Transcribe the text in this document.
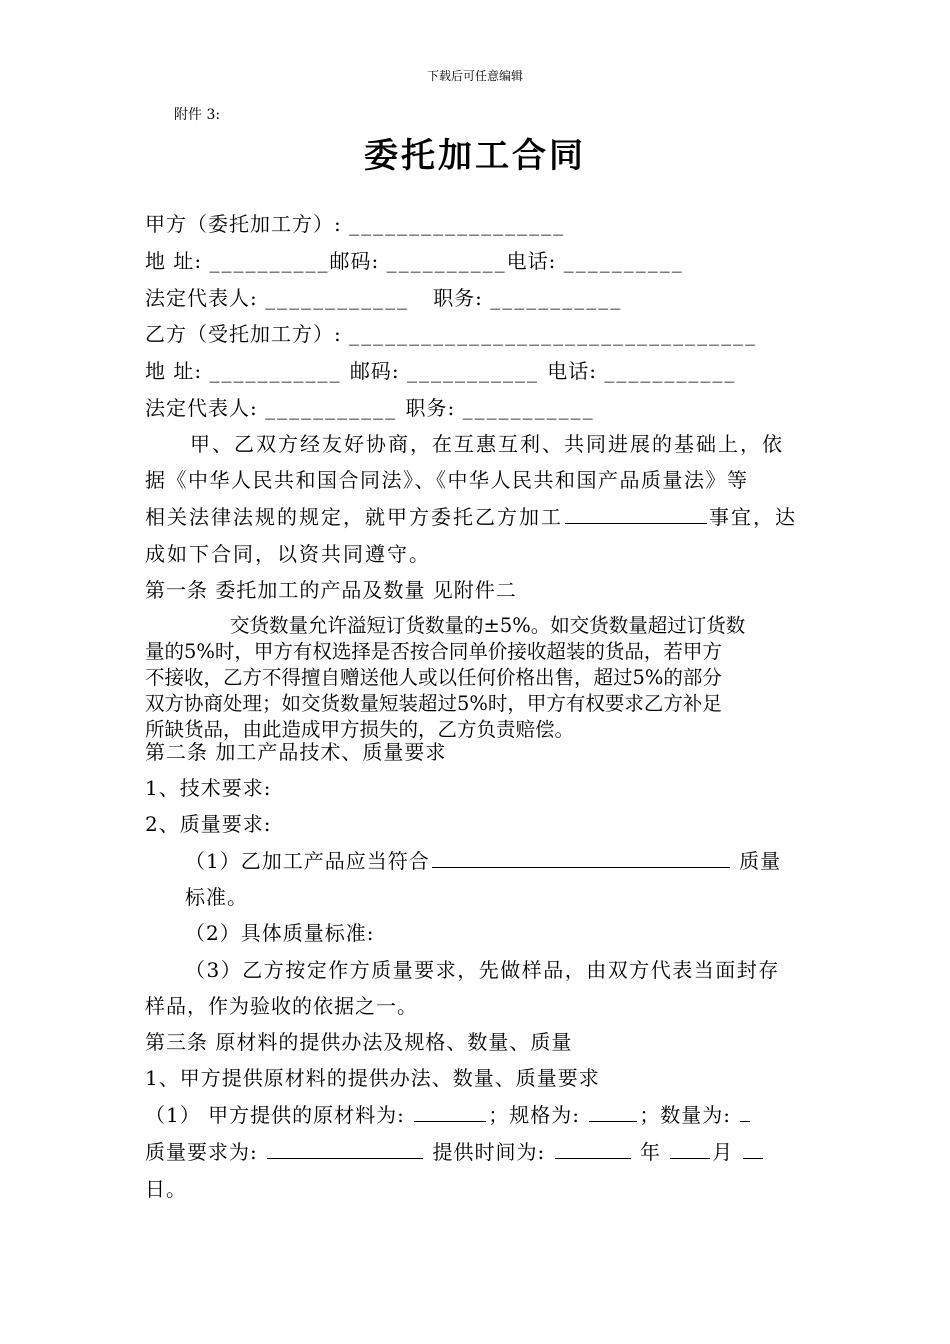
下载后可任意编辑
附件 3:
委托加工合同
甲方（委托加工方）: __________________
地 址: __________邮码: __________电话: __________
法定代表人: ____________   职务: ___________
乙方（受托加工方）: __________________________________
地 址: ___________ 邮码: ___________ 电话: ___________
法定代表人: ___________ 职务: ___________
甲、乙双方经友好协商，在互惠互利、共同进展的基础上，依
据《中华人民共和国合同法》、《中华人民共和国产品质量法》等
相关法律法规的规定，就甲方委托乙方加工	事宜，达
成如下合同，以资共同遵守。
第一条 委托加工的产品及数量 见附件二
交货数量允许溢短订货数量的±5%。如交货数量超过订货数
量的5%时，甲方有权选择是否按合同单价接收超装的货品，若甲方
不接收，乙方不得擅自赠送他人或以任何价格出售，超过5%的部分
双方协商处理；如交货数量短装超过5%时，甲方有权要求乙方补足
所缺货品，由此造成甲方损失的，乙方负责赔偿。
第二条 加工产品技术、质量要求
1、技术要求:
2、质量要求:
（1）乙加工产品应当符合	质量
标准。
（2）具体质量标准:
（3）乙方按定作方质量要求，先做样品，由双方代表当面封存
样品，作为验收的依据之一。
第三条 原材料的提供办法及规格、数量、质量
1、甲方提供原材料的提供办法、数量、质量要求
（1） 甲方提供的原材料为:	；规格为:	；数量为:
质量要求为:	提供时间为:	年	月
日。
